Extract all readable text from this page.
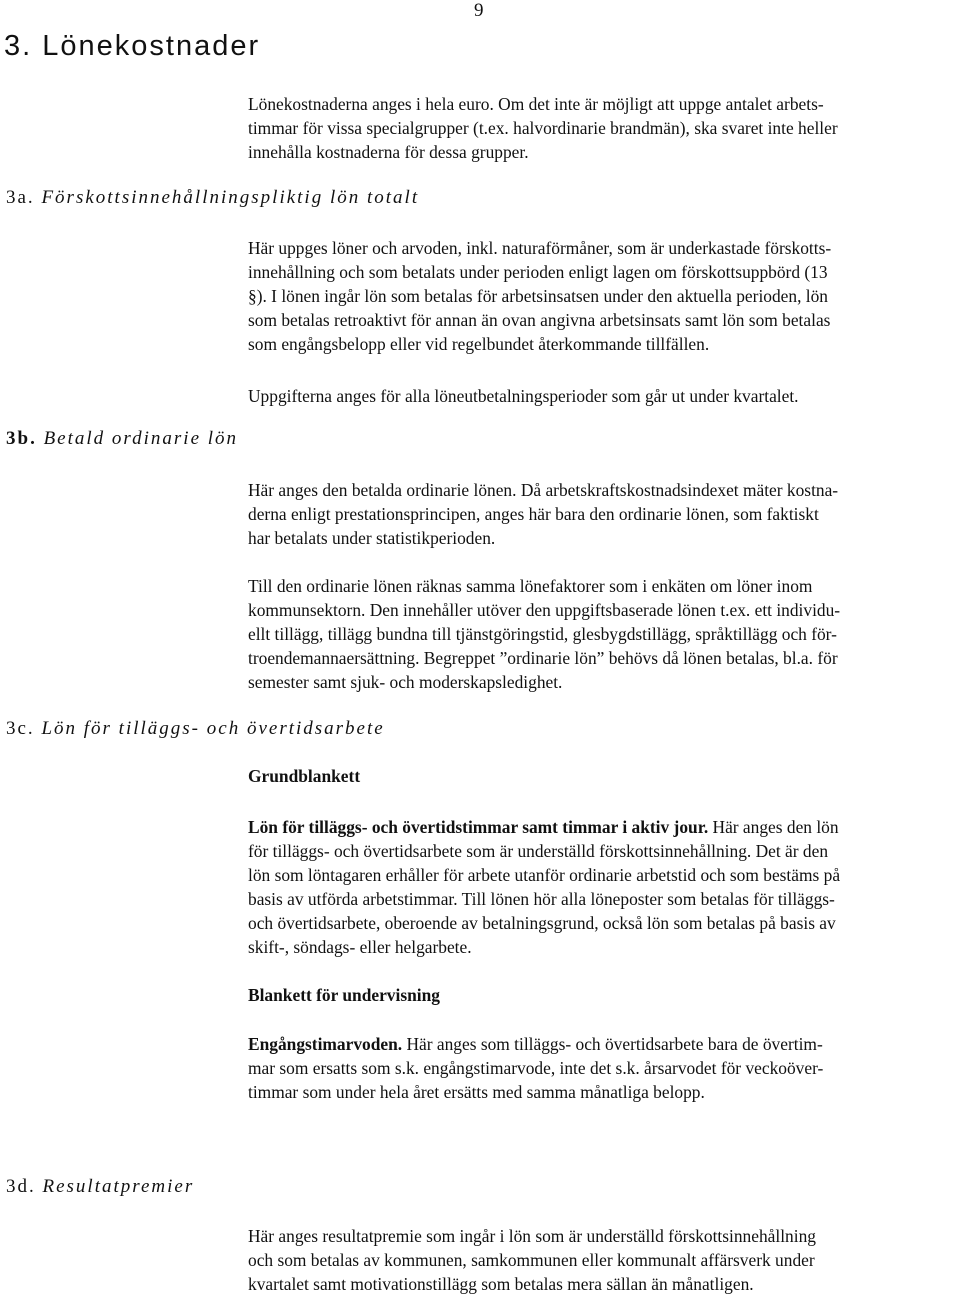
9
3. Lönekostnader
Lönekostnaderna anges i hela euro. Om det inte är möjligt att uppge antalet arbets-
timmar för vissa specialgrupper (t.ex. halvordinarie brandmän), ska svaret inte heller
innehålla kostnaderna för dessa grupper.
3a. Förskottsinnehållningspliktig lön totalt
Här uppges löner och arvoden, inkl. naturaförmåner, som är underkastade förskotts-
innehållning och som betalats under perioden enligt lagen om förskottsuppbörd (13
§). I lönen ingår lön som betalas för arbetsinsatsen under den aktuella perioden, lön
som betalas retroaktivt för annan än ovan angivna arbetsinsats samt lön som betalas
som engångsbelopp eller vid regelbundet återkommande tillfällen.
Uppgifterna anges för alla löneutbetalningsperioder som går ut under kvartalet.
3b. Betald ordinarie lön
Här anges den betalda ordinarie lönen. Då arbetskraftskostnadsindexet mäter kostna-
derna enligt prestationsprincipen, anges här bara den ordinarie lönen, som faktiskt
har betalats under statistikperioden.
Till den ordinarie lönen räknas samma lönefaktorer som i enkäten om löner inom
kommunsektorn. Den innehåller utöver den uppgiftsbaserade lönen t.ex. ett individu-
ellt tillägg, tillägg bundna till tjänstgöringstid, glesbygdstillägg, språktillägg och för-
troendemannaersättning. Begreppet ”ordinarie lön” behövs då lönen betalas, bl.a. för
semester samt sjuk- och moderskapsledighet.
3c. Lön för tilläggs- och övertidsarbete
Grundblankett
Lön för tilläggs- och övertidstimmar samt timmar i aktiv jour. Här anges den lön
för tilläggs- och övertidsarbete som är underställd förskottsinnehållning. Det är den
lön som löntagaren erhåller för arbete utanför ordinarie arbetstid och som bestäms på
basis av utförda arbetstimmar. Till lönen hör alla löneposter som betalas för tilläggs-
och övertidsarbete, oberoende av betalningsgrund, också lön som betalas på basis av
skift-, söndags- eller helgarbete.
Blankett för undervisning
Engångstimarvoden. Här anges som tilläggs- och övertidsarbete bara de övertim-
mar som ersatts som s.k. engångstimarvode, inte det s.k. årsarvodet för veckoöver-
timmar som under hela året ersätts med samma månatliga belopp.
3d. Resultatpremier
Här anges resultatpremie som ingår i lön som är underställd förskottsinnehållning
och som betalas av kommunen, samkommunen eller kommunalt affärsverk under
kvartalet samt motivationstillägg som betalas mera sällan än månatligen.
